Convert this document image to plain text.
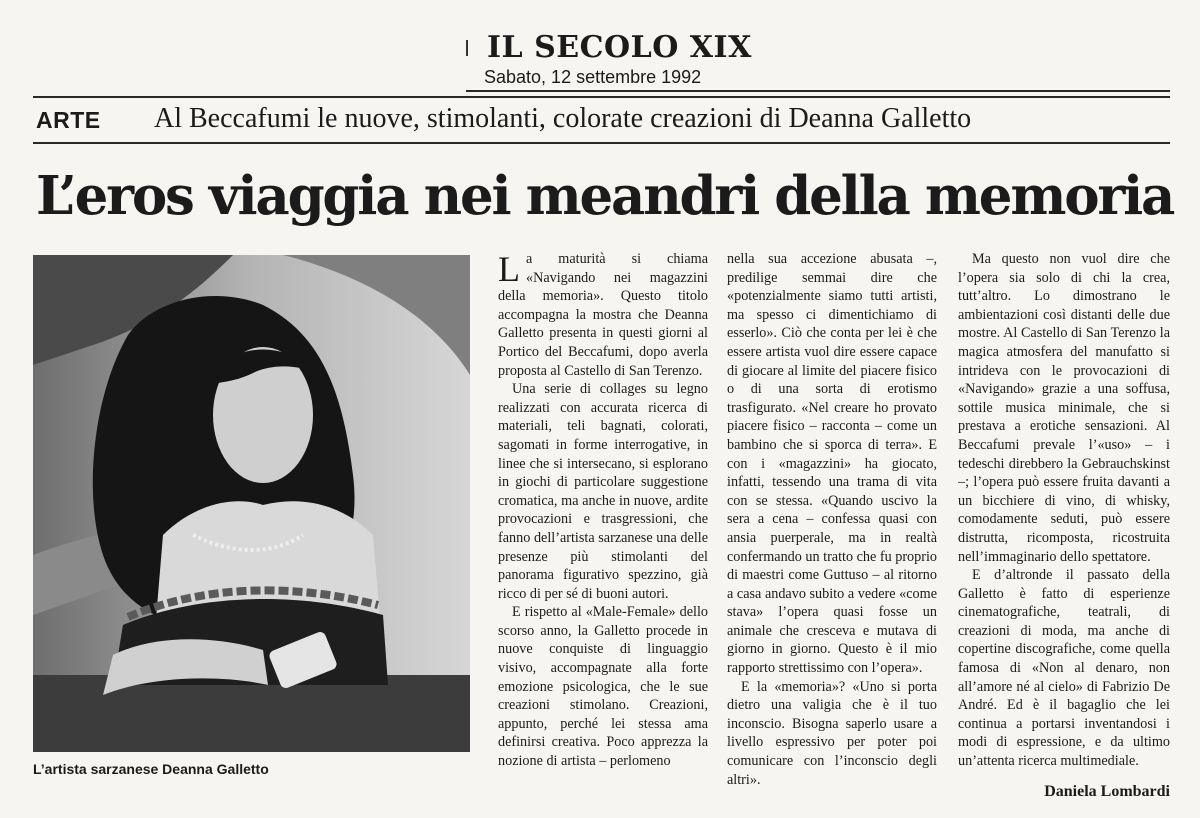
IL SECOLO XIX
Sabato, 12 settembre 1992
ARTE Al Beccafumi le nuove, stimolanti, colorate creazioni di Deanna Galletto
L’eros viaggia nei meandri della memoria
L’artista sarzanese Deanna Galletto

La maturità si chiama «Navigando nei magazzini della memoria». Questo titolo accompagna la mostra che Deanna Galletto presenta in questi giorni al Portico del Beccafumi, dopo averla proposta al Castello di San Terenzo.

Una serie di collages su legno realizzati con accurata ricerca di materiali, teli bagnati, colorati, sagomati in forme interrogative, in linee che si intersecano, si esplorano in giochi di particolare suggestione cromatica, ma anche in nuove, ardite provocazioni e trasgressioni, che fanno dell’artista sarzanese una delle presenze più stimolanti del panorama figurativo spezzino, già ricco di per sé di buoni autori.

E rispetto al «Male-Female» dello scorso anno, la Galletto procede in nuove conquiste di linguaggio visivo, accompagnate alla forte emozione psicologica, che le sue creazioni stimolano. Creazioni, appunto, perché lei stessa ama definirsi creativa. Poco apprezza la nozione di artista – perlomeno

nella sua accezione abusata –, predilige semmai dire che «potenzialmente siamo tutti artisti, ma spesso ci dimentichiamo di esserlo». Ciò che conta per lei è che essere artista vuol dire essere capace di giocare al limite del piacere fisico o di una sorta di erotismo trasfigurato. «Nel creare ho provato piacere fisico – racconta – come un bambino che si sporca di terra». E con i «magazzini» ha giocato, infatti, tessendo una trama di vita con se stessa. «Quando uscivo la sera a cena – confessa quasi con ansia puerperale, ma in realtà confermando un tratto che fu proprio di maestri come Guttuso – al ritorno a casa andavo subito a vedere «come stava» l’opera quasi fosse un animale che cresceva e mutava di giorno in giorno. Questo è il mio rapporto strettissimo con l’opera».

E la «memoria»? «Uno si porta dietro una valigia che è il tuo inconscio. Bisogna saperlo usare a livello espressivo per poter poi comunicare con l’inconscio degli altri».

Ma questo non vuol dire che l’opera sia solo di chi la crea, tutt’altro. Lo dimostrano le ambientazioni così distanti delle due mostre. Al Castello di San Terenzo la magica atmosfera del manufatto si intrideva con le provocazioni di «Navigando» grazie a una soffusa, sottile musica minimale, che si prestava a erotiche sensazioni. Al Beccafumi prevale l’«uso» – i tedeschi direbbero la Gebrauchskinst –; l’opera può essere fruita davanti a un bicchiere di vino, di whisky, comodamente seduti, può essere distrutta, ricomposta, ricostruita nell’immaginario dello spettatore.

E d’altronde il passato della Galletto è fatto di esperienze cinematografiche, teatrali, di creazioni di moda, ma anche di copertine discografiche, come quella famosa di «Non al denaro, non all’amore né al cielo» di Fabrizio De André. Ed è il bagaglio che lei continua a portarsi inventandosi i modi di espressione, e da ultimo un’attenta ricerca multimediale.

Daniela Lombardi
